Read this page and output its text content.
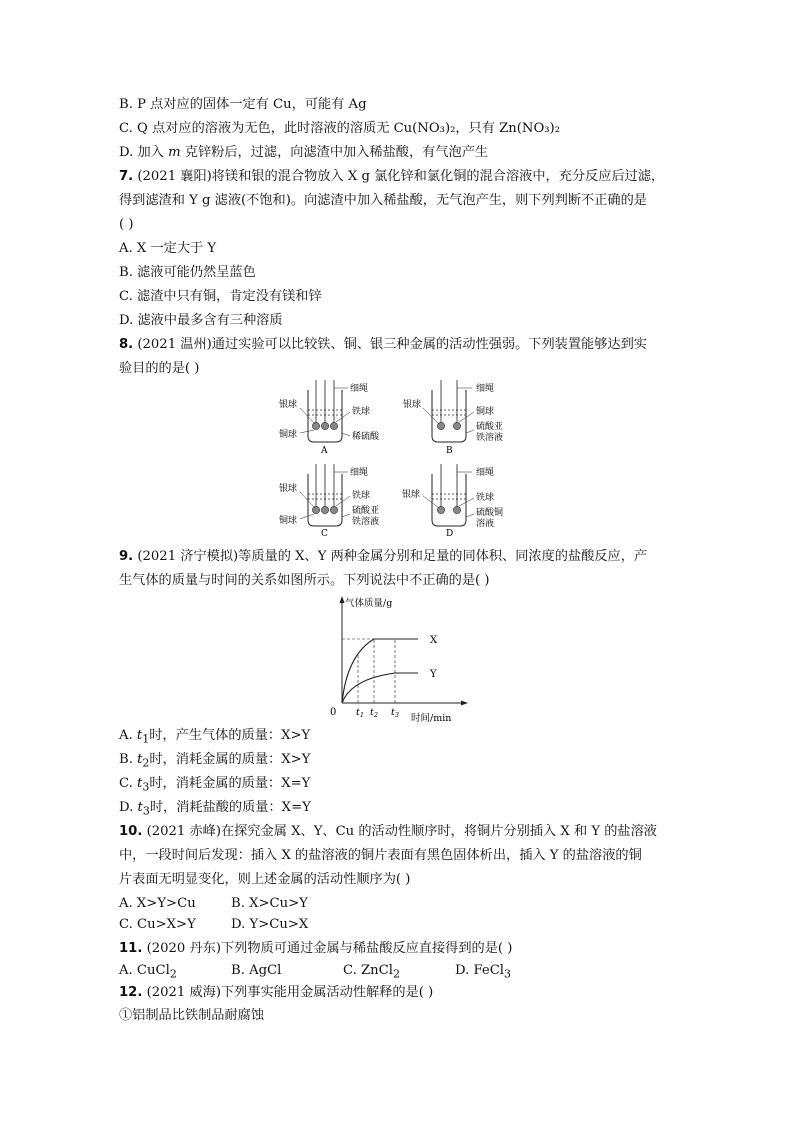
B. P 点对应的固体一定有 Cu，可能有 Ag
C. Q 点对应的溶液为无色，此时溶液的溶质无 Cu(NO₃)₂，只有 Zn(NO₃)₂
D. 加入 m 克锌粉后，过滤，向滤渣中加入稀盐酸，有气泡产生
7. (2021 襄阳)将镁和银的混合物放入 X g 氯化锌和氯化铜的混合溶液中，充分反应后过滤，
得到滤渣和 Y g 滤液(不饱和)。向滤渣中加入稀盐酸，无气泡产生，则下列判断不正确的是
( )
A. X 一定大于 Y
B. 滤液可能仍然呈蓝色
C. 滤渣中只有铜，肯定没有镁和锌
D. 滤液中最多含有三种溶质
8. (2021 温州)通过实验可以比较铁、铜、银三种金属的活动性强弱。下列装置能够达到实
验目的的是( )
银球
铜球
细绳
铁球
稀硫酸
A
银球
细绳
铜球
硫酸亚
铁溶液
B
银球
铜球
细绳
铁球
硫酸亚
铁溶液
C
银球
细绳
铁球
硫酸铜
溶液
D
9. (2021 济宁模拟)等质量的 X、Y 两种金属分别和足量的同体积、同浓度的盐酸反应，产
生气体的质量与时间的关系如图所示。下列说法中不正确的是( )
气体质量/g
0
时间/min
$t_1$ $t_2$ $t_3$
X
Y
A. $t_1$时，产生气体的质量：X>Y
B. $t_2$时，消耗金属的质量：X>Y
C. $t_3$时，消耗金属的质量：X=Y
D. $t_3$时，消耗盐酸的质量：X=Y
10. (2021 赤峰)在探究金属 X、Y、Cu 的活动性顺序时，将铜片分别插入 X 和 Y 的盐溶液
中，一段时间后发现：插入 X 的盐溶液的铜片表面有黑色固体析出，插入 Y 的盐溶液的铜
片表面无明显变化，则上述金属的活动性顺序为( )
A. X>Y>Cu	B. X>Cu>Y
C. Cu>X>Y	D. Y>Cu>X
11. (2020 丹东)下列物质可通过金属与稀盐酸反应直接得到的是( )
A. CuCl$_2$	B. AgCl	C. ZnCl$_2$	D. FeCl$_3$
12. (2021 威海)下列事实能用金属活动性解释的是( )
①铝制品比铁制品耐腐蚀
